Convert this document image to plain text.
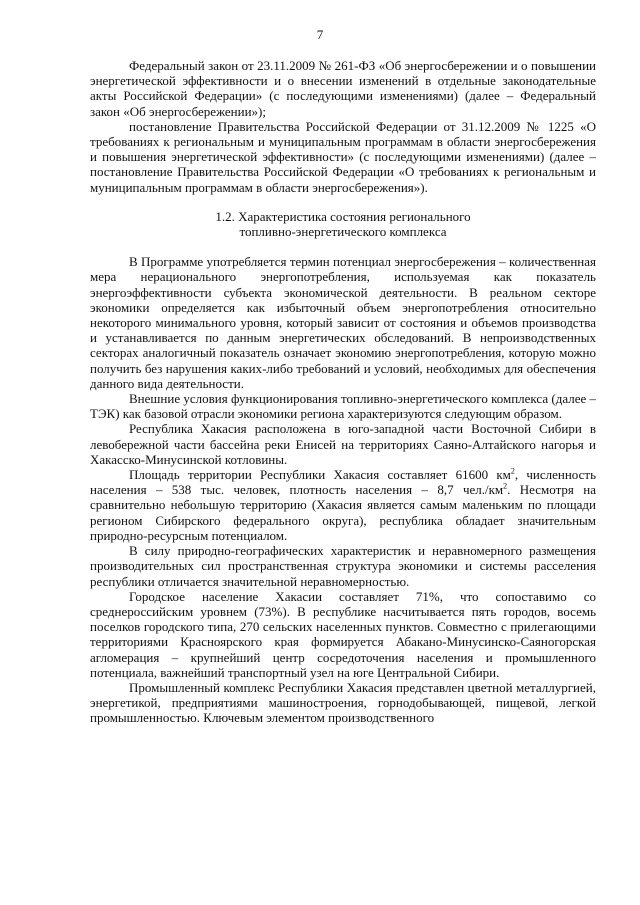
7

Федеральный закон от 23.11.2009 № 261-ФЗ «Об энергосбережении и о повышении энергетической эффективности и о внесении изменений в отдельные законодательные акты Российской Федерации» (с последующими изменениями) (далее – Федеральный закон «Об энергосбережении»);

постановление Правительства Российской Федерации от 31.12.2009 № 1225 «О требованиях к региональным и муниципальным программам в области энергосбережения и повышения энергетической эффективности» (с последующими изменениями) (далее – постановление Правительства Российской Федерации «О требованиях к региональным и муниципальным программам в области энергосбережения»).

1.2. Характеристика состояния регионального
топливно-энергетического комплекса

В Программе употребляется термин потенциал энергосбережения – количественная мера нерационального энергопотребления, используемая как показатель энергоэффективности субъекта экономической деятельности. В реальном секторе экономики определяется как избыточный объем энергопотребления относительно некоторого минимального уровня, который зависит от состояния и объемов производства и устанавливается по данным энергетических обследований. В непроизводственных секторах аналогичный показатель означает экономию энергопотребления, которую можно получить без нарушения каких-либо требований и условий, необходимых для обеспечения данного вида деятельности.

Внешние условия функционирования топливно-энергетического комплекса (далее – ТЭК) как базовой отрасли экономики региона характеризуются следующим образом.

Республика Хакасия расположена в юго-западной части Восточной Сибири в левобережной части бассейна реки Енисей на территориях Саяно-Алтайского нагорья и Хакасско-Минусинской котловины.

Площадь территории Республики Хакасия составляет 61600 $км^2$, численность населения – 538 тыс. человек, плотность населения – 8,7 $чел./км^2$. Несмотря на сравнительно небольшую территорию (Хакасия является самым маленьким по площади регионом Сибирского федерального округа), республика обладает значительным природно-ресурсным потенциалом.

В силу природно-географических характеристик и неравномерного размещения производительных сил пространственная структура экономики и системы расселения республики отличается значительной неравномерностью.

Городское население Хакасии составляет 71%, что сопоставимо со среднероссийским уровнем (73%). В республике насчитывается пять городов, восемь поселков городского типа, 270 сельских населенных пунктов. Совместно с прилегающими территориями Красноярского края формируется Абакано-Минусинско-Саяногорская агломерация – крупнейший центр сосредоточения населения и промышленного потенциала, важнейший транспортный узел на юге Центральной Сибири.

Промышленный комплекс Республики Хакасия представлен цветной металлургией, энергетикой, предприятиями машиностроения, горнодобывающей, пищевой, легкой промышленностью. Ключевым элементом производственного
